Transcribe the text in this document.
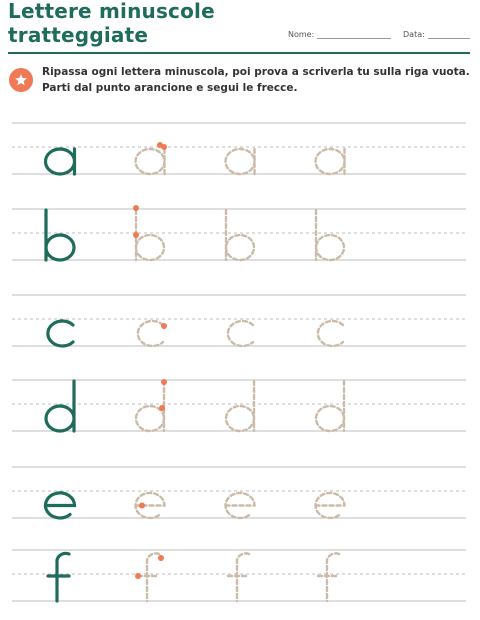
Lettere minuscole
tratteggiate	Nome:	Data:

Ripassa ogni lettera minuscola, poi prova a scriverla tu sulla riga vuota. Parti dal punto arancione e segui le frecce.
